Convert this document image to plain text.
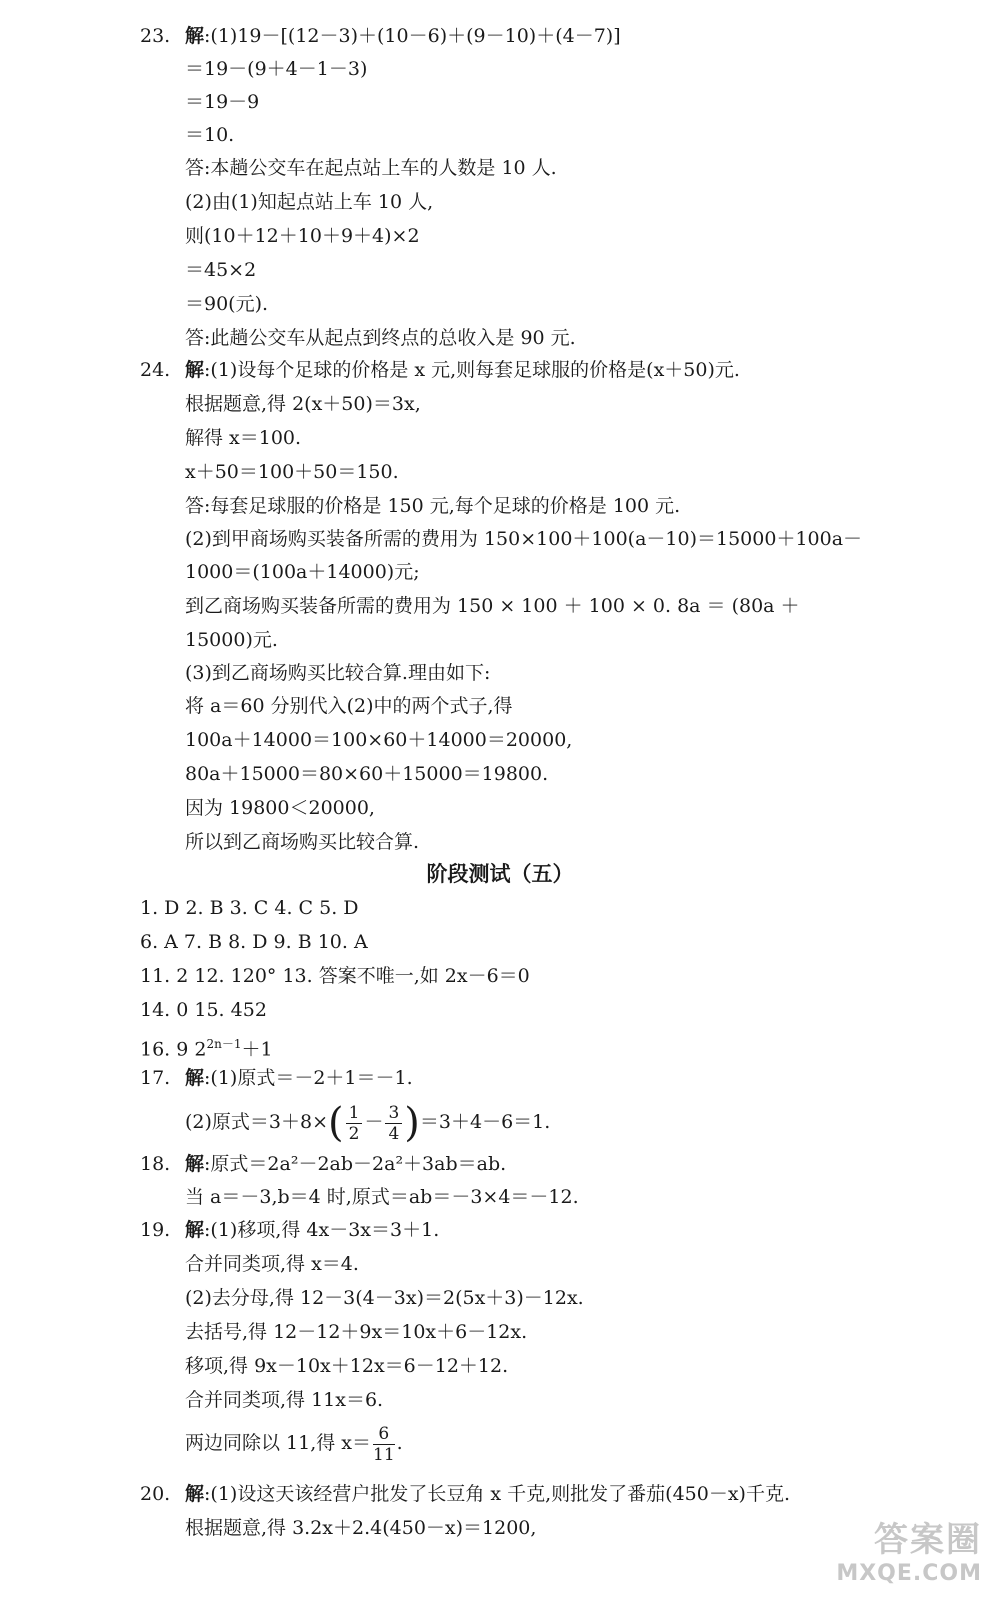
23. 解:(1)19－[(12－3)＋(10－6)＋(9－10)＋(4－7)]
＝19－(9＋4－1－3)
＝19－9
＝10.
答:本趟公交车在起点站上车的人数是 10 人.
(2)由(1)知起点站上车 10 人,
则(10＋12＋10＋9＋4)×2
＝45×2
＝90(元).
答:此趟公交车从起点到终点的总收入是 90 元.
24. 解:(1)设每个足球的价格是 x 元,则每套足球服的价格是(x＋50)元.
根据题意,得 2(x＋50)＝3x,
解得 x＝100.
x＋50＝100＋50＝150.
答:每套足球服的价格是 150 元,每个足球的价格是 100 元.
(2)到甲商场购买装备所需的费用为 150×100＋100(a－10)＝15000＋100a－
1000＝(100a＋14000)元;
到乙商场购买装备所需的费用为 150 × 100 ＋ 100 × 0. 8a ＝ (80a ＋
15000)元.
(3)到乙商场购买比较合算.理由如下:
将 a＝60 分别代入(2)中的两个式子,得
100a＋14000＝100×60＋14000＝20000,
80a＋15000＝80×60＋15000＝19800.
因为 19800＜20000,
所以到乙商场购买比较合算.
阶段测试（五）
1. D 2. B 3. C 4. C 5. D
6. A 7. B 8. D 9. B 10. A
11. 2 12. 120° 13. 答案不唯一,如 2x－6＝0
14. 0 15. 452
16. 9 $2^{2n-1}+1$
17. 解:(1)原式＝－2＋1＝－1.
(2)原式$=3+8\times( \frac{1}{2} - \frac{3}{4} )=3+4-6=1$.
18. 解:原式＝2a²－2ab－2a²＋3ab＝ab.
当 a＝－3,b＝4 时,原式＝ab＝－3×4＝－12.
19. 解:(1)移项,得 4x－3x＝3＋1.
合并同类项,得 x＝4.
(2)去分母,得 12－3(4－3x)＝2(5x＋3)－12x.
去括号,得 12－12＋9x＝10x＋6－12x.
移项,得 9x－10x＋12x＝6－12＋12.
合并同类项,得 11x＝6.
两边同除以 11,得 $x= \frac{6}{11}$ .
20. 解:(1)设这天该经营户批发了长豆角 x 千克,则批发了番茄(450－x)千克.
根据题意,得 3.2x＋2.4(450－x)＝1200,	答案圈
MXQE.COM
